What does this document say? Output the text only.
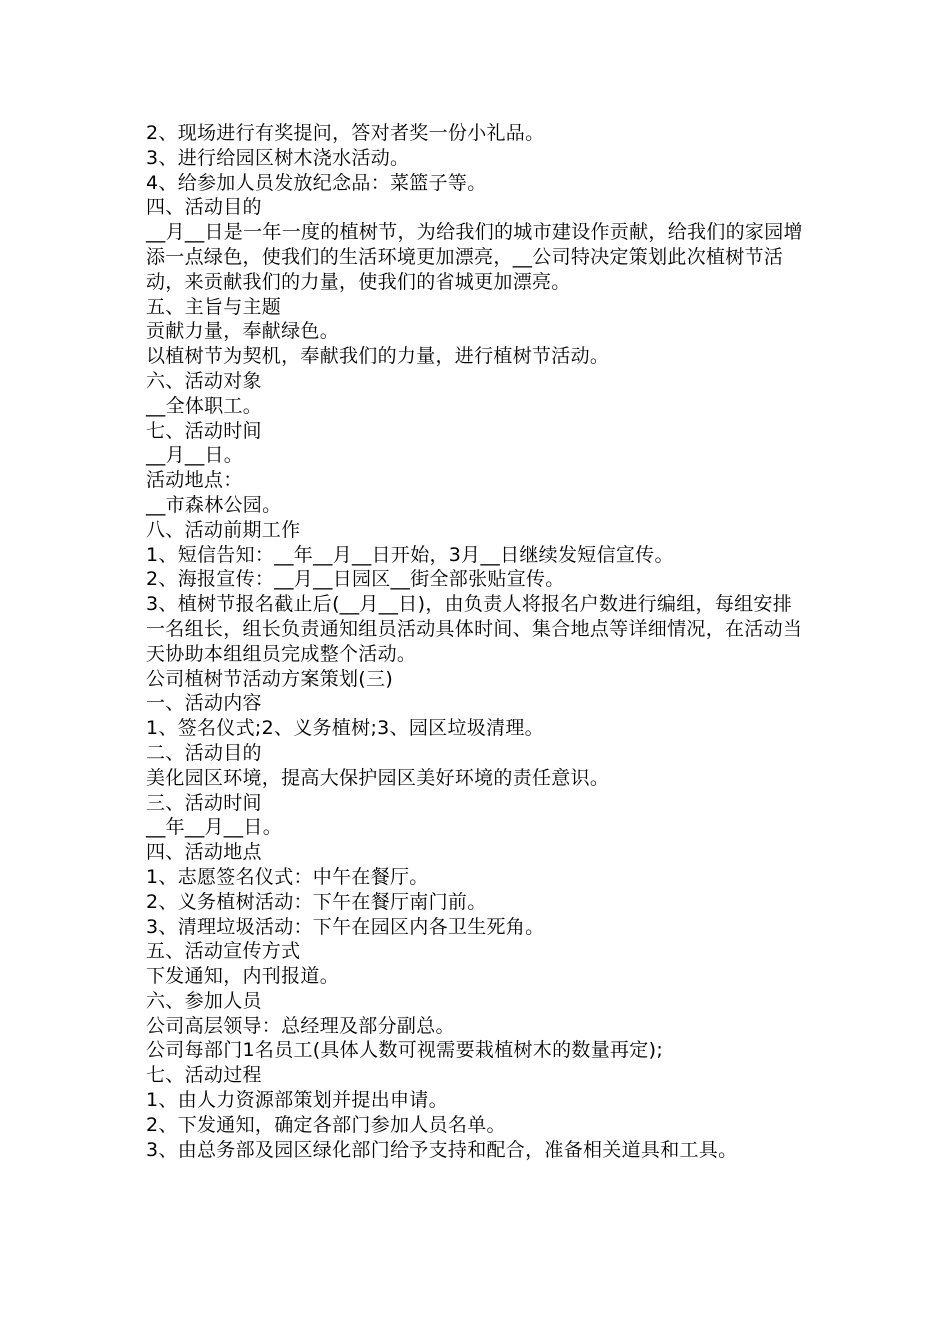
2、现场进行有奖提问，答对者奖一份小礼品。

3、进行给园区树木浇水活动。

4、给参加人员发放纪念品：菜篮子等。

四、活动目的

__月__日是一年一度的植树节，为给我们的城市建设作贡献，给我们的家园增添一点绿色，使我们的生活环境更加漂亮，__公司特决定策划此次植树节活动，来贡献我们的力量，使我们的省城更加漂亮。

五、主旨与主题

贡献力量，奉献绿色。

以植树节为契机，奉献我们的力量，进行植树节活动。

六、活动对象

__全体职工。

七、活动时间

__月__日。

活动地点：

__市森林公园。

八、活动前期工作

1、短信告知：__年__月__日开始，3月__日继续发短信宣传。

2、海报宣传：__月__日园区__街全部张贴宣传。

3、植树节报名截止后(__月__日)，由负责人将报名户数进行编组，每组安排一名组长，组长负责通知组员活动具体时间、集合地点等详细情况，在活动当天协助本组组员完成整个活动。

公司植树节活动方案策划(三)

一、活动内容

1、签名仪式;2、义务植树;3、园区垃圾清理。

二、活动目的

美化园区环境，提高大保护园区美好环境的责任意识。

三、活动时间

__年__月__日。

四、活动地点

1、志愿签名仪式：中午在餐厅。

2、义务植树活动：下午在餐厅南门前。

3、清理垃圾活动：下午在园区内各卫生死角。

五、活动宣传方式

下发通知，内刊报道。

六、参加人员

公司高层领导：总经理及部分副总。

公司每部门1名员工(具体人数可视需要栽植树木的数量再定);

七、活动过程

1、由人力资源部策划并提出申请。

2、下发通知，确定各部门参加人员名单。

3、由总务部及园区绿化部门给予支持和配合，准备相关道具和工具。
